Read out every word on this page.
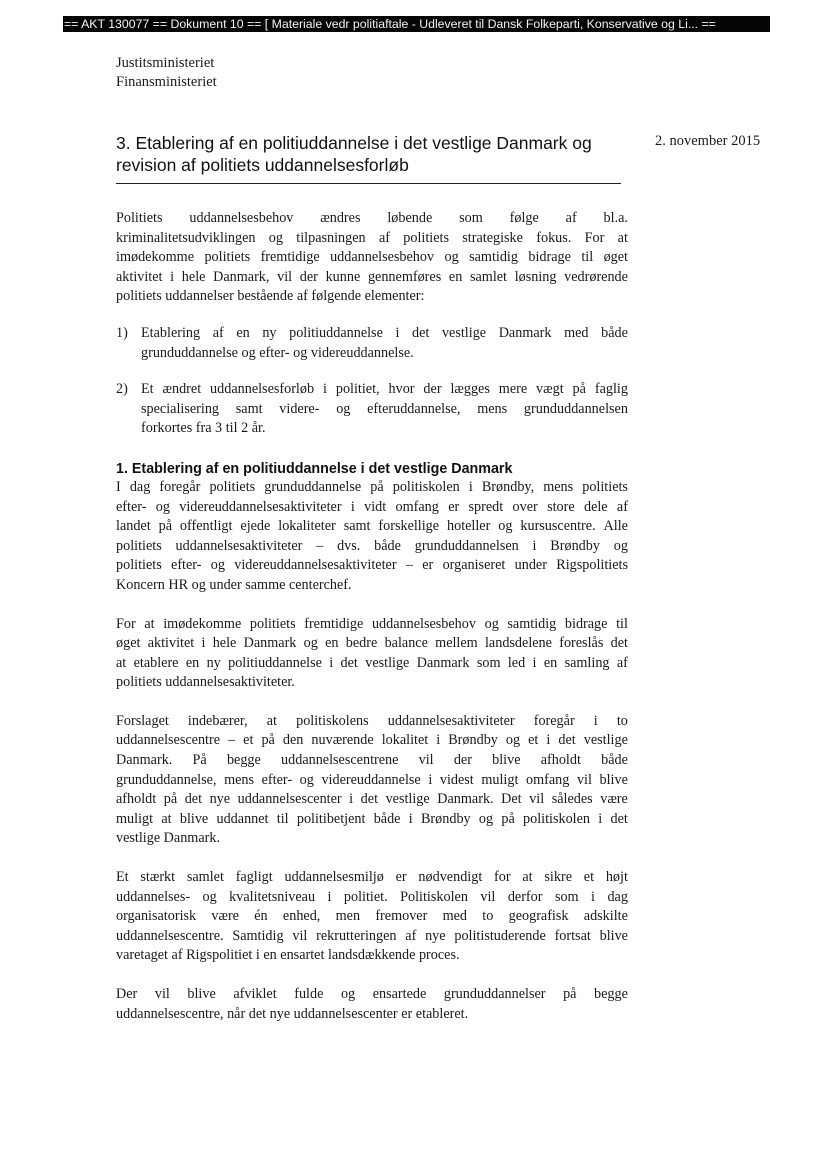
== AKT 130077 == Dokument 10 == [ Materiale vedr politiaftale - Udleveret til Dansk Folkeparti, Konservative og Li... ==
Justitsministeriet
Finansministeriet
3. Etablering af en politiuddannelse i det vestlige Danmark og
revision af politiets uddannelsesforløb
2. november 2015
Politiets uddannelsesbehov ændres løbende som følge af bl.a.
kriminalitetsudviklingen og tilpasningen af politiets strategiske fokus. For at
imødekomme politiets fremtidige uddannelsesbehov og samtidig bidrage til øget
aktivitet i hele Danmark, vil der kunne gennemføres en samlet løsning vedrørende
politiets uddannelser bestående af følgende elementer:
1) Etablering af en ny politiuddannelse i det vestlige Danmark med både
grunduddannelse og efter- og videreuddannelse.
2) Et ændret uddannelsesforløb i politiet, hvor der lægges mere vægt på faglig
specialisering samt videre- og efteruddannelse, mens grunduddannelsen
forkortes fra 3 til 2 år.
1. Etablering af en politiuddannelse i det vestlige Danmark
I dag foregår politiets grunduddannelse på politiskolen i Brøndby, mens politiets
efter- og videreuddannelsesaktiviteter i vidt omfang er spredt over store dele af
landet på offentligt ejede lokaliteter samt forskellige hoteller og kursuscentre. Alle
politiets uddannelsesaktiviteter – dvs. både grunduddannelsen i Brøndby og
politiets efter- og videreuddannelsesaktiviteter – er organiseret under Rigspolitiets
Koncern HR og under samme centerchef.
For at imødekomme politiets fremtidige uddannelsesbehov og samtidig bidrage til
øget aktivitet i hele Danmark og en bedre balance mellem landsdelene foreslås det
at etablere en ny politiuddannelse i det vestlige Danmark som led i en samling af
politiets uddannelsesaktiviteter.
Forslaget indebærer, at politiskolens uddannelsesaktiviteter foregår i to
uddannelsescentre – et på den nuværende lokalitet i Brøndby og et i det vestlige
Danmark. På begge uddannelsescentrene vil der blive afholdt både
grunduddannelse, mens efter- og videreuddannelse i videst muligt omfang vil blive
afholdt på det nye uddannelsescenter i det vestlige Danmark. Det vil således være
muligt at blive uddannet til politibetjent både i Brøndby og på politiskolen i det
vestlige Danmark.
Et stærkt samlet fagligt uddannelsesmiljø er nødvendigt for at sikre et højt
uddannelses- og kvalitetsniveau i politiet. Politiskolen vil derfor som i dag
organisatorisk være én enhed, men fremover med to geografisk adskilte
uddannelsescentre. Samtidig vil rekrutteringen af nye politistuderende fortsat blive
varetaget af Rigspolitiet i en ensartet landsdækkende proces.
Der vil blive afviklet fulde og ensartede grunduddannelser på begge
uddannelsescentre, når det nye uddannelsescenter er etableret.
